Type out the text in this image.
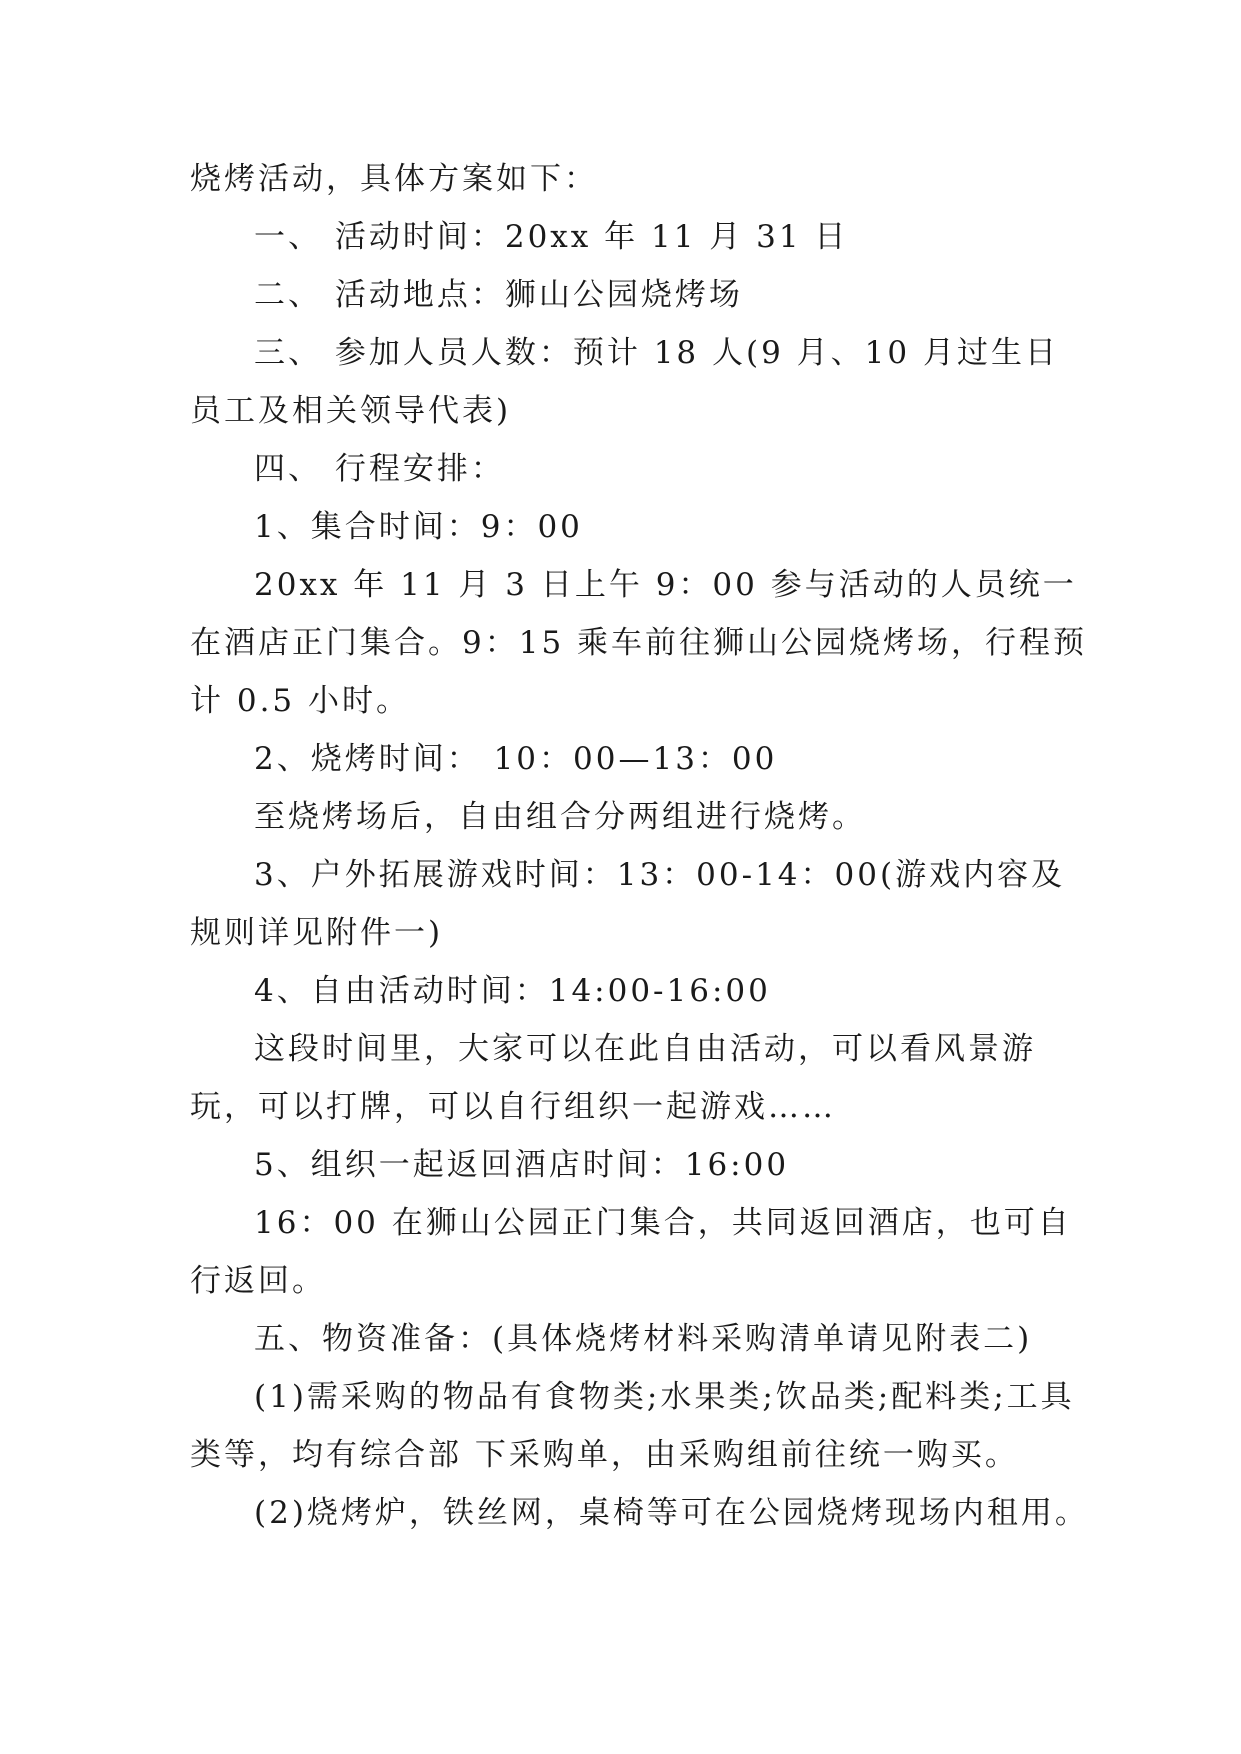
烧烤活动，具体方案如下：

一、 活动时间：20xx 年 11 月 31 日

二、 活动地点：狮山公园烧烤场

三、 参加人员人数：预计 18 人(9 月、10 月过生日员工及相关领导代表)

四、 行程安排：

1、集合时间：9：00

20xx 年 11 月 3 日上午 9：00 参与活动的人员统一在酒店正门集合。9：15 乘车前往狮山公园烧烤场，行程预计 0.5 小时。

2、烧烤时间： 10：00—13：00

至烧烤场后，自由组合分两组进行烧烤。

3、户外拓展游戏时间：13：00-14：00(游戏内容及规则详见附件一)

4、自由活动时间：14:00-16:00

这段时间里，大家可以在此自由活动，可以看风景游玩，可以打牌，可以自行组织一起游戏……

5、组织一起返回酒店时间：16:00

16：00 在狮山公园正门集合，共同返回酒店，也可自行返回。

五、物资准备：(具体烧烤材料采购清单请见附表二)

(1)需采购的物品有食物类;水果类;饮品类;配料类;工具类等，均有综合部 下采购单，由采购组前往统一购买。

(2)烧烤炉，铁丝网，桌椅等可在公园烧烤现场内租用。
